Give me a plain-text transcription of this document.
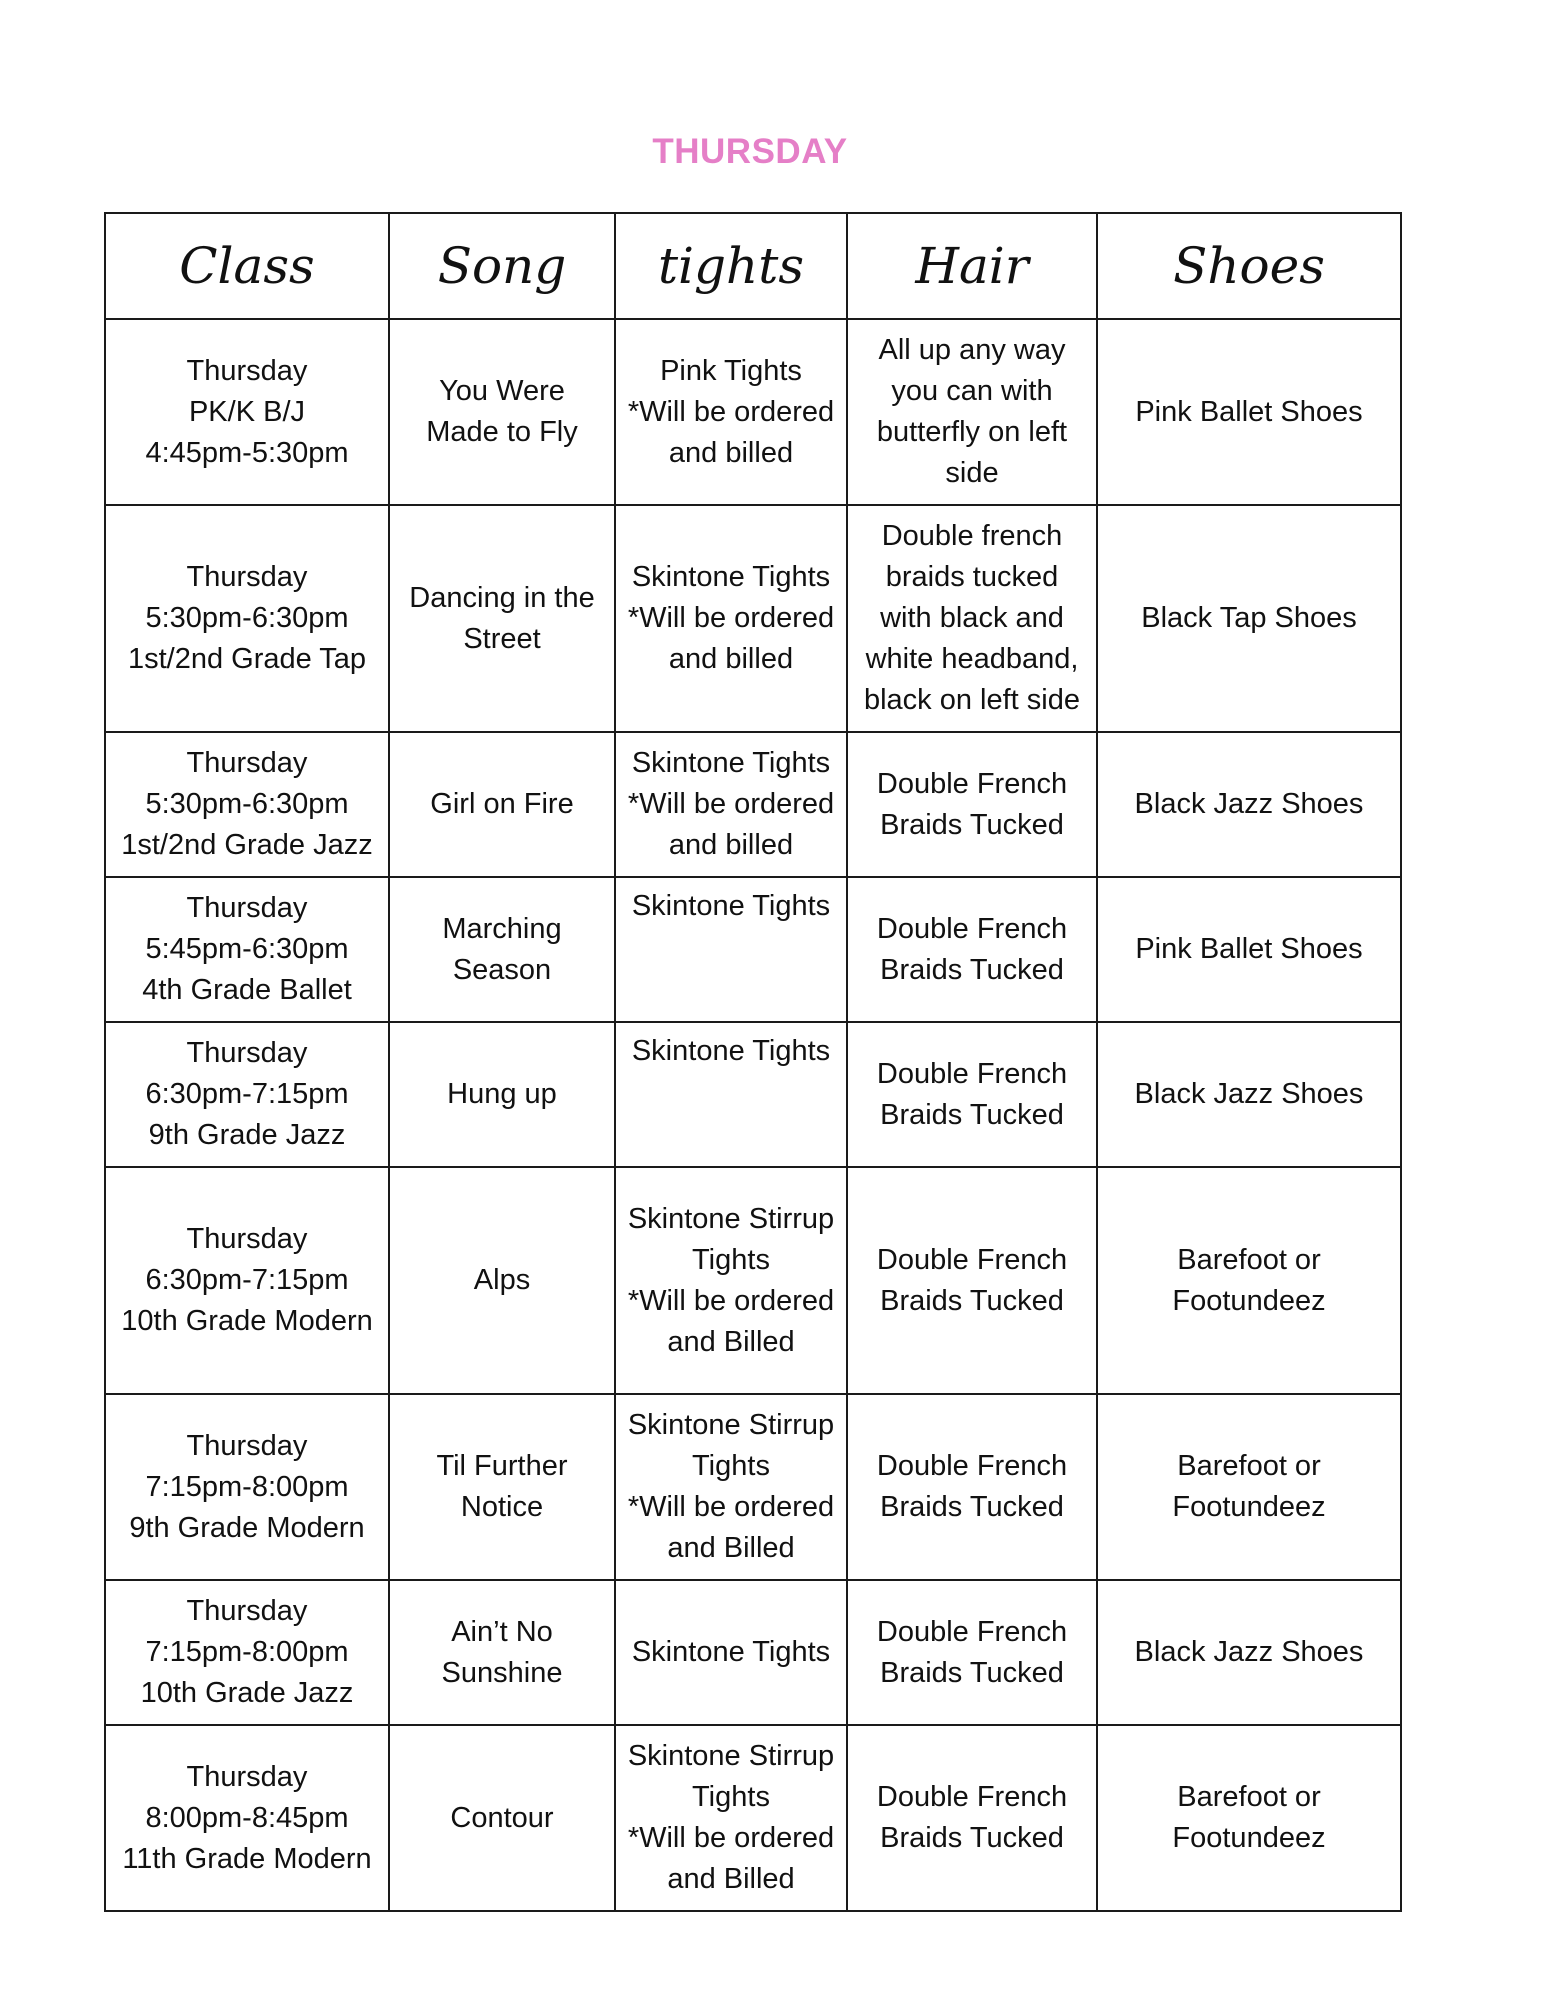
THURSDAY
Class	Song	tights	Hair	Shoes

Thursday
PK/K B/J
4:45pm-5:30pm	You Were
Made to Fly	Pink Tights
*Will be ordered
and billed	All up any way
you can with
butterfly on left
side	Pink Ballet Shoes

Thursday
5:30pm-6:30pm
1st/2nd Grade Tap	Dancing in the
Street	Skintone Tights
*Will be ordered
and billed	Double french
braids tucked
with black and
white headband,
black on left side	Black Tap Shoes

Thursday
5:30pm-6:30pm
1st/2nd Grade Jazz	Girl on Fire	Skintone Tights
*Will be ordered
and billed	Double French
Braids Tucked	Black Jazz Shoes

Thursday
5:45pm-6:30pm
4th Grade Ballet	Marching
Season	Skintone Tights	Double French
Braids Tucked	Pink Ballet Shoes

Thursday
6:30pm-7:15pm
9th Grade Jazz	Hung up	Skintone Tights	Double French
Braids Tucked	Black Jazz Shoes

Thursday
6:30pm-7:15pm
10th Grade Modern	Alps	Skintone Stirrup
Tights
*Will be ordered
and Billed	Double French
Braids Tucked	Barefoot or
Footundeez

Thursday
7:15pm-8:00pm
9th Grade Modern	Til Further
Notice	Skintone Stirrup
Tights
*Will be ordered
and Billed	Double French
Braids Tucked	Barefoot or
Footundeez

Thursday
7:15pm-8:00pm
10th Grade Jazz	Ain’t No
Sunshine	Skintone Tights	Double French
Braids Tucked	Black Jazz Shoes

Thursday
8:00pm-8:45pm
11th Grade Modern	Contour	Skintone Stirrup
Tights
*Will be ordered
and Billed	Double French
Braids Tucked	Barefoot or
Footundeez
